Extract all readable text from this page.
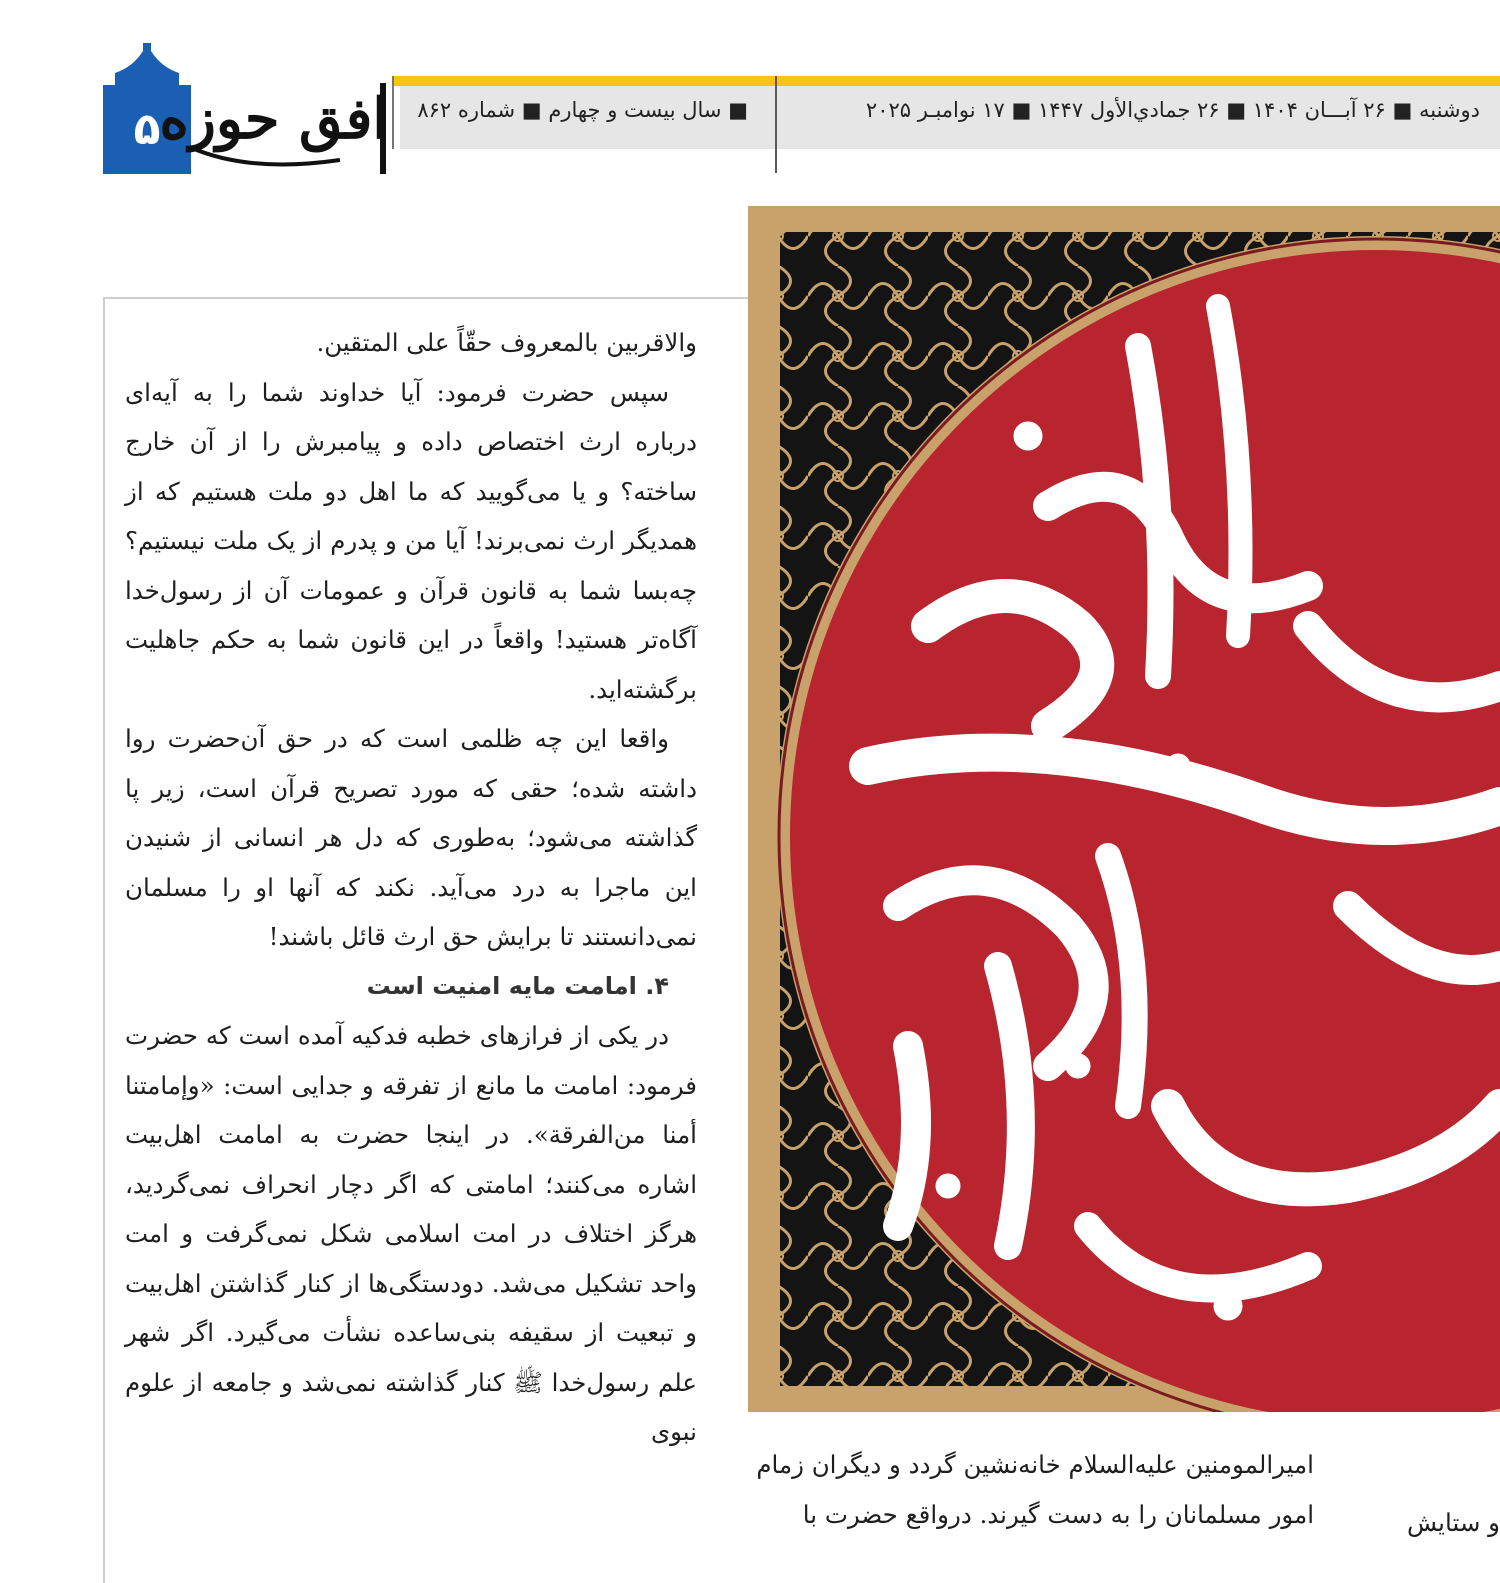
۵ افق حوزه ■ سال بیست و چهارم ■ شماره ۸۶۲	دوشنبه ■ ۲۶ آبـــان ۱۴۰۴ ■ ۲۶ جمادي‌الأول ۱۴۴۷ ■ ۱۷ نوامبـر ۲۰۲۵

والاقربین بالمعروف حقّاً علی المتقین.

سپس حضرت فرمود: آیا خداوند شما را به آیه‌ای درباره ارث اختصاص داده و پیامبرش را از آن خارج ساخته؟ و یا می‌گویید که ما اهل دو ملت هستیم که از همدیگر ارث نمی‌برند! آیا من و پدرم از یک ملت نیستیم؟ چه‌بسا شما به قانون قرآن و عمومات آن از رسول‌خدا آگاه‌تر هستید! واقعاً در این قانون شما به حکم جاهلیت برگشته‌اید.

واقعا این چه ظلمی است که در حق آن‌حضرت روا داشته شده؛ حقی که مورد تصریح قرآن است، زیر پا گذاشته می‌شود؛ به‌طوری که دل هر انسانی از شنیدن این ماجرا به درد می‌آید. نکند که آنها او را مسلمان نمی‌دانستند تا برایش حق ارث قائل باشند!

۴. امامت مایه امنیت است

در یکی از فرازهای خطبه فدکیه آمده است که حضرت فرمود: امامت ما مانع از تفرقه و جدایی است: «وإمامتنا أمنا من‌الفرقة». در اینجا حضرت به امامت اهل‌بیت اشاره می‌کنند؛ امامتی که اگر دچار انحراف نمی‌گردید، هرگز اختلاف در امت اسلامی شکل نمی‌گرفت و امت واحد تشکیل می‌شد. دودستگی‌ها از کنار گذاشتن اهل‌بیت و تبعیت از سقیفه بنی‌ساعده نشأت می‌گیرد. اگر شهر علم رسول‌خدا ﷺ کنار گذاشته نمی‌شد و جامعه از علوم نبوی

امیرالمومنین علیه‌السلام خانه‌نشین گردد و دیگران زمام

امور مسلمانان را به دست گیرند. درواقع حضرت با	و ستایش
